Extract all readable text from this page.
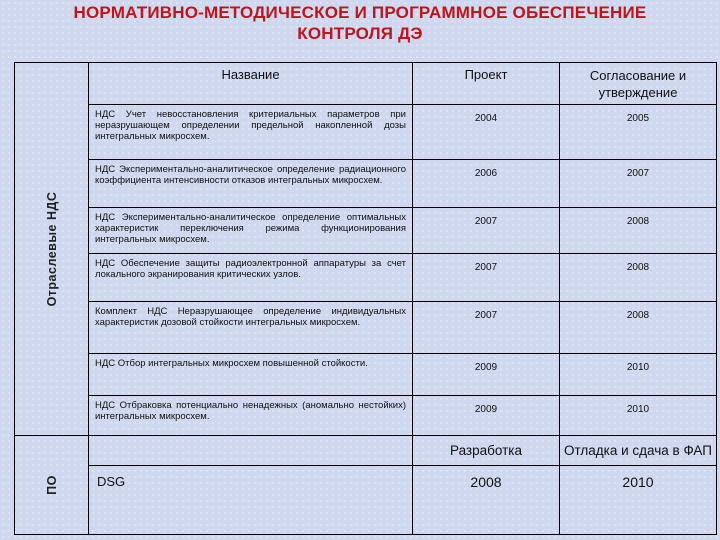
НОРМАТИВНО-МЕТОДИЧЕСКОЕ И ПРОГРАММНОЕ ОБЕСПЕЧЕНИЕ
КОНТРОЛЯ ДЭ
Отраслевые НДС	Название	Проект	Согласование и утверждение
	НДС Учет невосстановления критериальных параметров при неразрушающем определении предельной накопленной дозы интегральных микросхем.	2004	2005
	НДС Экспериментально-аналитическое определение радиационного коэффициента интенсивности отказов интегральных микросхем.	2006	2007
	НДС Экспериментально-аналитическое определение оптимальных характеристик переключения режима функционирования интегральных микросхем.	2007	2008
	НДС Обеспечение защиты радиоэлектронной аппаратуры за счет локального экранирования критических узлов.	2007	2008
	Комплект НДС Неразрушающее определение индивидуальных характеристик дозовой стойкости интегральных микросхем.	2007	2008
	НДС Отбор интегральных микросхем повышенной стойкости.	2009	2010
	НДС Отбраковка потенциально ненадежных (аномально нестойких) интегральных микросхем.	2009	2010

ПО		Разработка	Отладка и сдача в ФАП
	DSG	2008	2010
